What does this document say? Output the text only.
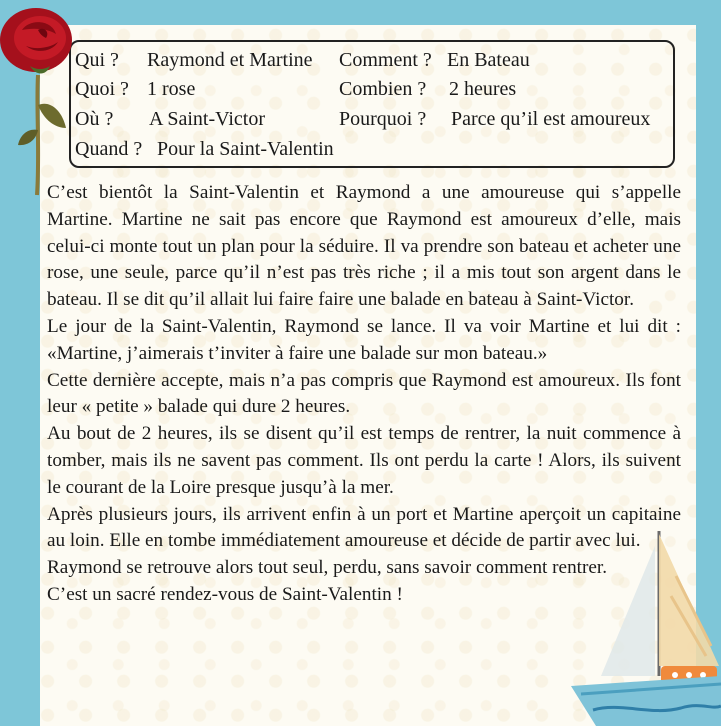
Qui ? Raymond et Martine
Quoi ? 1 rose
Où ? A Saint-Victor
Quand ? Pour la Saint-Valentin
Comment ? En Bateau
Combien ? 2 heures
Pourquoi ? Parce qu’il est amoureux

C’est bientôt la Saint-Valentin et Raymond a une amoureuse qui s’appelle Martine. Martine ne sait pas encore que Raymond est amoureux d’elle, mais celui-ci monte tout un plan pour la séduire. Il va prendre son bateau et acheter une rose, une seule, parce qu’il n’est pas très riche ; il a mis tout son argent dans le bateau. Il se dit qu’il allait lui faire faire une balade en bateau à Saint-Victor.

Le jour de la Saint-Valentin, Raymond se lance. Il va voir Martine et lui dit : «Martine, j’aimerais t’inviter à faire une balade sur mon bateau.»

Cette dernière accepte, mais n’a pas compris que Raymond est amoureux. Ils font leur « petite » balade qui dure 2 heures.

Au bout de 2 heures, ils se disent qu’il est temps de rentrer, la nuit commence à tomber, mais ils ne savent pas comment. Ils ont perdu la carte ! Alors, ils suivent le courant de la Loire presque jusqu’à la mer.

Après plusieurs jours, ils arrivent enfin à un port et Martine aperçoit un capitaine au loin. Elle en tombe immédiatement amoureuse et décide de partir avec lui.

Raymond se retrouve alors tout seul, perdu, sans savoir comment rentrer.

C’est un sacré rendez-vous de Saint-Valentin !
